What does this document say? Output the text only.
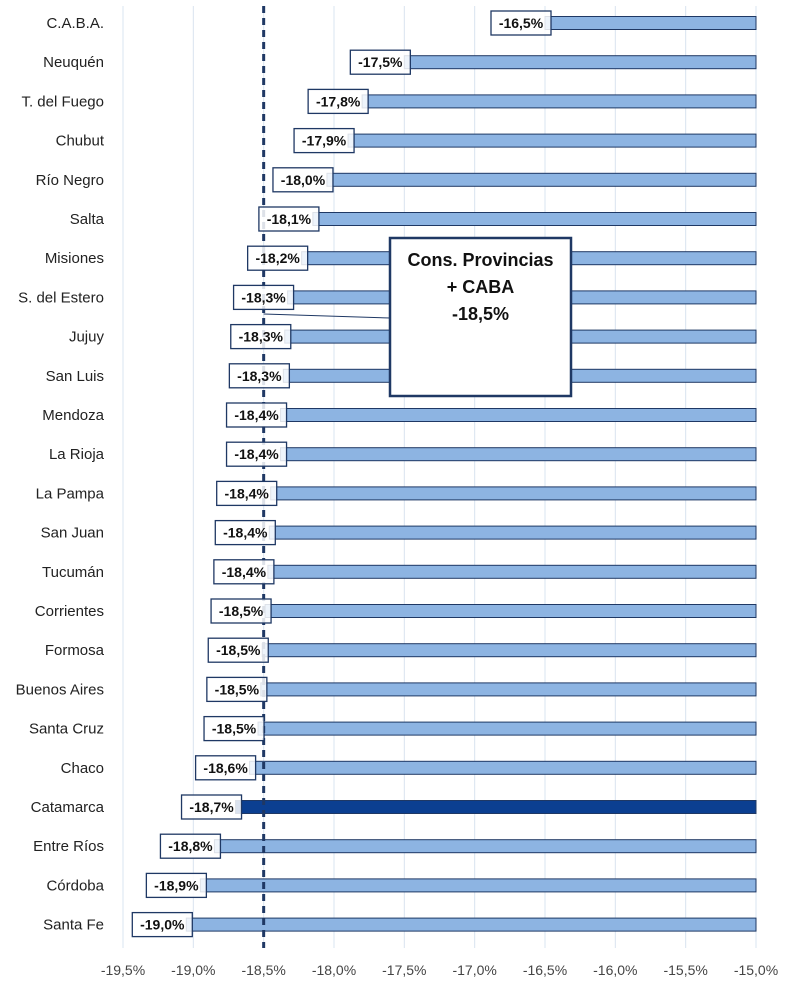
C.A.B.A.
Neuquén
T. del Fuego
Chubut
Río Negro
Salta
Misiones
S. del Estero
Jujuy
San Luis
Mendoza
La Rioja
La Pampa
San Juan
Tucumán
Corrientes
Formosa
Buenos Aires
Santa Cruz
Chaco
Catamarca
Entre Ríos
Córdoba
Santa Fe
-16,5%
-17,5%
-17,8%
-17,9%
-18,0%
-18,1%
-18,2%
-18,3%
-18,3%
-18,3%
-18,4%
-18,4%
-18,4%
-18,4%
-18,4%
-18,5%
-18,5%
-18,5%
-18,5%
-18,6%
-18,7%
-18,8%
-18,9%
-19,0%
-19,5% -19,0% -18,5% -18,0% -17,5% -17,0% -16,5% -16,0% -15,5% -15,0%
Cons. Provincias
+ CABA
-18,5%
